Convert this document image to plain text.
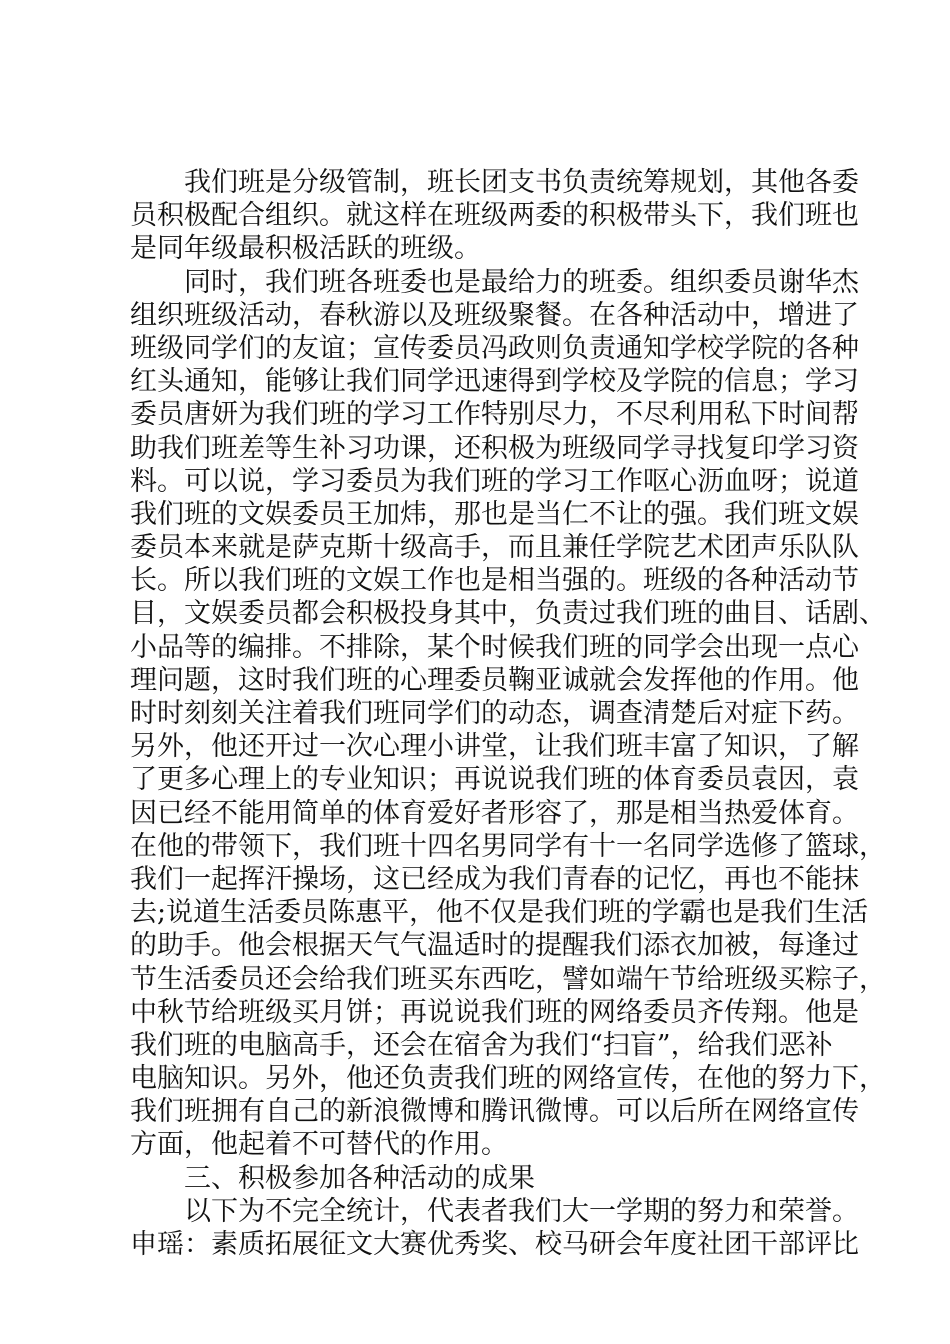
我们班是分级管制，班长团支书负责统筹规划，其他各委
员积极配合组织。就这样在班级两委的积极带头下，我们班也
是同年级最积极活跃的班级。
同时，我们班各班委也是最给力的班委。组织委员谢华杰
组织班级活动，春秋游以及班级聚餐。在各种活动中，增进了
班级同学们的友谊；宣传委员冯政则负责通知学校学院的各种
红头通知，能够让我们同学迅速得到学校及学院的信息；学习
委员唐妍为我们班的学习工作特别尽力，不尽利用私下时间帮
助我们班差等生补习功课，还积极为班级同学寻找复印学习资
料。可以说，学习委员为我们班的学习工作呕心沥血呀；说道
我们班的文娱委员王加炜，那也是当仁不让的强。我们班文娱
委员本来就是萨克斯十级高手，而且兼任学院艺术团声乐队队
长。所以我们班的文娱工作也是相当强的。班级的各种活动节
目，文娱委员都会积极投身其中，负责过我们班的曲目、话剧、
小品等的编排。不排除，某个时候我们班的同学会出现一点心
理问题，这时我们班的心理委员鞠亚诚就会发挥他的作用。他
时时刻刻关注着我们班同学们的动态，调查清楚后对症下药。
另外，他还开过一次心理小讲堂，让我们班丰富了知识，了解
了更多心理上的专业知识；再说说我们班的体育委员袁因，袁
因已经不能用简单的体育爱好者形容了，那是相当热爱体育。
在他的带领下，我们班十四名男同学有十一名同学选修了篮球，
我们一起挥汗操场，这已经成为我们青春的记忆，再也不能抹
去;说道生活委员陈惠平，他不仅是我们班的学霸也是我们生活
的助手。他会根据天气气温适时的提醒我们添衣加被，每逢过
节生活委员还会给我们班买东西吃，譬如端午节给班级买粽子，
中秋节给班级买月饼；再说说我们班的网络委员齐传翔。他是
我们班的电脑高手，还会在宿舍为我们“扫盲”，给我们恶补
电脑知识。另外，他还负责我们班的网络宣传，在他的努力下，
我们班拥有自己的新浪微博和腾讯微博。可以后所在网络宣传
方面，他起着不可替代的作用。
三、积极参加各种活动的成果
以下为不完全统计，代表者我们大一学期的努力和荣誉。
申瑶：素质拓展征文大赛优秀奖、校马研会年度社团干部评比
